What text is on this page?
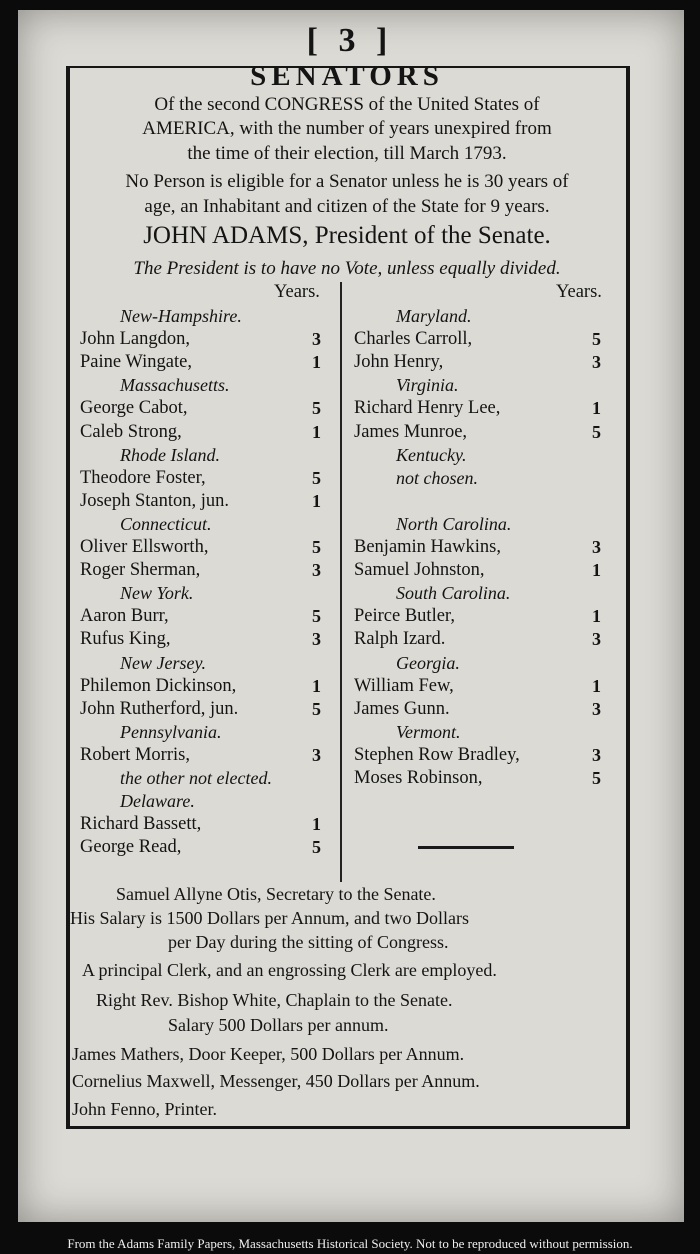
[ 3 ]
SENATORS
Of the second CONGRESS of the United States of
AMERICA, with the number of years unexpired from
the time of their election, till March 1793.
No Person is eligible for a Senator unless he is 30 years of
age, an Inhabitant and citizen of the State for 9 years.
JOHN ADAMS, President of the Senate.
The President is to have no Vote, unless equally divided.
Years.	Years.
New-Hampshire.
John Langdon,	3
Paine Wingate,	1
Massachusetts.
George Cabot,	5
Caleb Strong,	1
Rhode Island.
Theodore Foster,	5
Joseph Stanton, jun.	1
Connecticut.
Oliver Ellsworth,	5
Roger Sherman,	3
New York.
Aaron Burr,	5
Rufus King,	3
New Jersey.
Philemon Dickinson,	1
John Rutherford, jun.	5
Pennsylvania.
Robert Morris,	3
the other not elected.
Delaware.
Richard Bassett,	1
George Read,	5
Maryland.
Charles Carroll,	5
John Henry,	3
Virginia.
Richard Henry Lee,	1
James Munroe,	5
Kentucky.
not chosen.
North Carolina.
Benjamin Hawkins,	3
Samuel Johnston,	1
South Carolina.
Peirce Butler,	1
Ralph Izard.	3
Georgia.
William Few,	1
James Gunn.	3
Vermont.
Stephen Row Bradley,	3
Moses Robinson,	5
Samuel Allyne Otis, Secretary to the Senate.
His Salary is 1500 Dollars per Annum, and two Dollars
per Day during the sitting of Congress.
A principal Clerk, and an engrossing Clerk are employed.
Right Rev. Bishop White, Chaplain to the Senate.
Salary 500 Dollars per annum.
James Mathers, Door Keeper, 500 Dollars per Annum.
Cornelius Maxwell, Messenger, 450 Dollars per Annum.
John Fenno, Printer.
From the Adams Family Papers, Massachusetts Historical Society. Not to be reproduced without permission.
